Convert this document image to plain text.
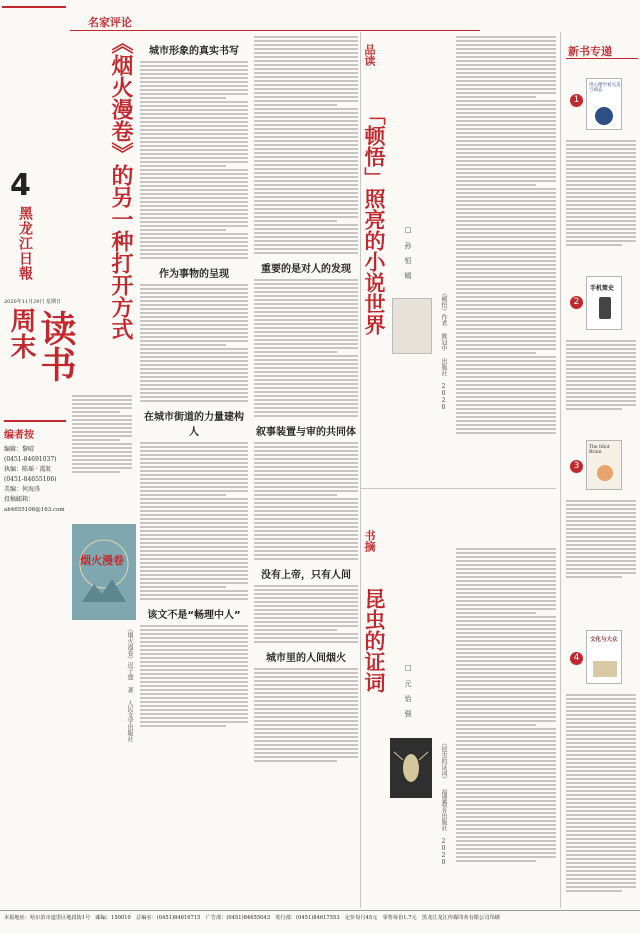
4
黑龙江日報
2020年11月29日 星期日
周末 读书
编者按
编辑：黎晴
(0451-84691037)
执编：陈瑶 · 霞虹
(0451-84655106)
美编：何海涛
投稿邮箱：
ab4655106@163.com
名家评论
《烟火漫卷》的另一种打开方式
烟火漫卷
《烟火漫卷》迟子建 著 人民文学出版社
城市形象的真实书写
作为事物的呈现
在城市街道的力量建构人
该文不是“畅理中人”
重要的是对人的发现
叙事装置与审的共同体
没有上帝，只有人间
城市里的人间烟火
品读
「顿悟」照亮的小说世界 □ 孙 恒 嫣
《顿悟》作者 陈冠中 出版社 2020
书摘
昆虫的证词 □ 元 怡 强
《昆虫的证词》 福建教育出版社 2020
新书专递
1
用心理学看完美与病态
2
手机简史
3
The Idiot Brain
4
文化与大众
本报地址：哈尔滨市道里区地段街1号　邮编：150010　总编室：(0451)84616715　广告部：(0451)84655043　发行部：(0451)84617553　定价每月45元　零售每份1.7元　黑龙江龙江传媒印务有限公司印刷
